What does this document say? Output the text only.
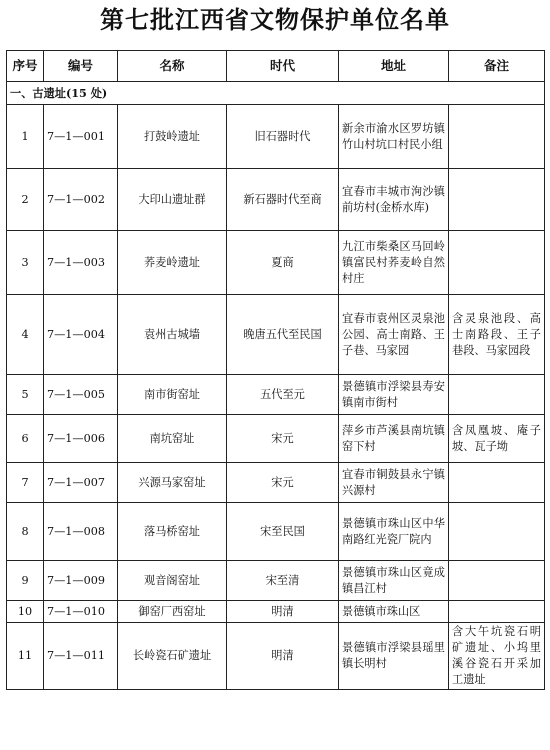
第七批江西省文物保护单位名单
序号	编号	名称	时代	地址	备注
一、古遗址(15 处)					
1	7—1—001	打鼓岭遗址	旧石器时代	新余市渝水区罗坊镇竹山村坑口村民小组	
2	7—1—002	大印山遗址群	新石器时代至商	宜春市丰城市洵沙镇前坊村(金桥水库)	
3	7—1—003	荞麦岭遗址	夏商	九江市柴桑区马回岭镇富民村荞麦岭自然村庄	
4	7—1—004	袁州古城墙	晚唐五代至民国	宜春市袁州区灵泉池公园、高士南路、王子巷、马家园	含灵泉池段、高士南路段、王子巷段、马家园段
5	7—1—005	南市街窑址	五代至元	景德镇市浮梁县寿安镇南市街村	
6	7—1—006	南坑窑址	宋元	萍乡市芦溪县南坑镇窑下村	含凤凰坡、庵子坡、瓦子坳
7	7—1—007	兴源马家窑址	宋元	宜春市铜鼓县永宁镇兴源村	
8	7—1—008	落马桥窑址	宋至民国	景德镇市珠山区中华南路红光瓷厂院内	
9	7—1—009	观音阁窑址	宋至清	景德镇市珠山区竟成镇昌江村	
10	7—1—010	御窑厂西窑址	明清	景德镇市珠山区	
11	7—1—011	长岭瓷石矿遗址	明清	景德镇市浮梁县瑶里镇长明村	含大午坑瓷石明矿遗址、小坞里溪谷瓷石开采加工遗址
